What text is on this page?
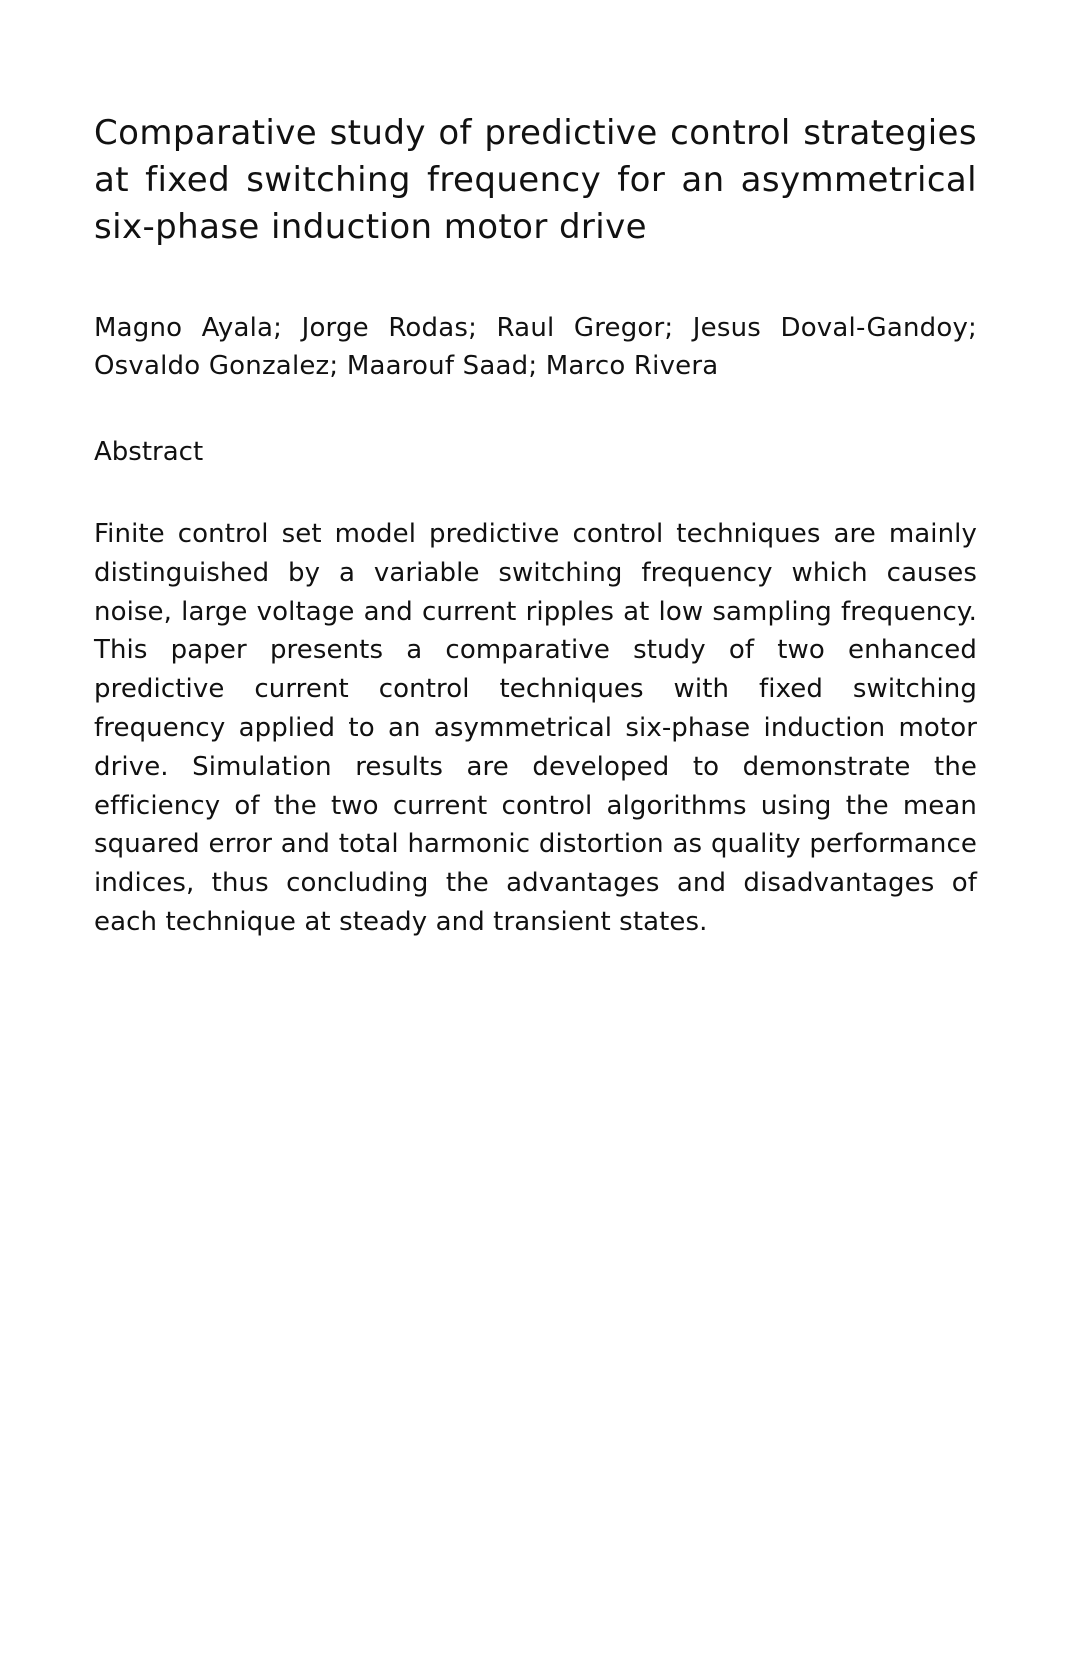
Comparative study of predictive control strategies at fixed switching frequency for an asymmetrical six-phase induction motor drive

Magno Ayala; Jorge Rodas; Raul Gregor; Jesus Doval-Gandoy; Osvaldo Gonzalez; Maarouf Saad; Marco Rivera

Abstract

Finite control set model predictive control techniques are mainly distinguished by a variable switching frequency which causes noise, large voltage and current ripples at low sampling frequency. This paper presents a comparative study of two enhanced predictive current control techniques with fixed switching frequency applied to an asymmetrical six-phase induction motor drive. Simulation results are developed to demonstrate the efficiency of the two current control algorithms using the mean squared error and total harmonic distortion as quality performance indices, thus concluding the advantages and disadvantages of each technique at steady and transient states.
